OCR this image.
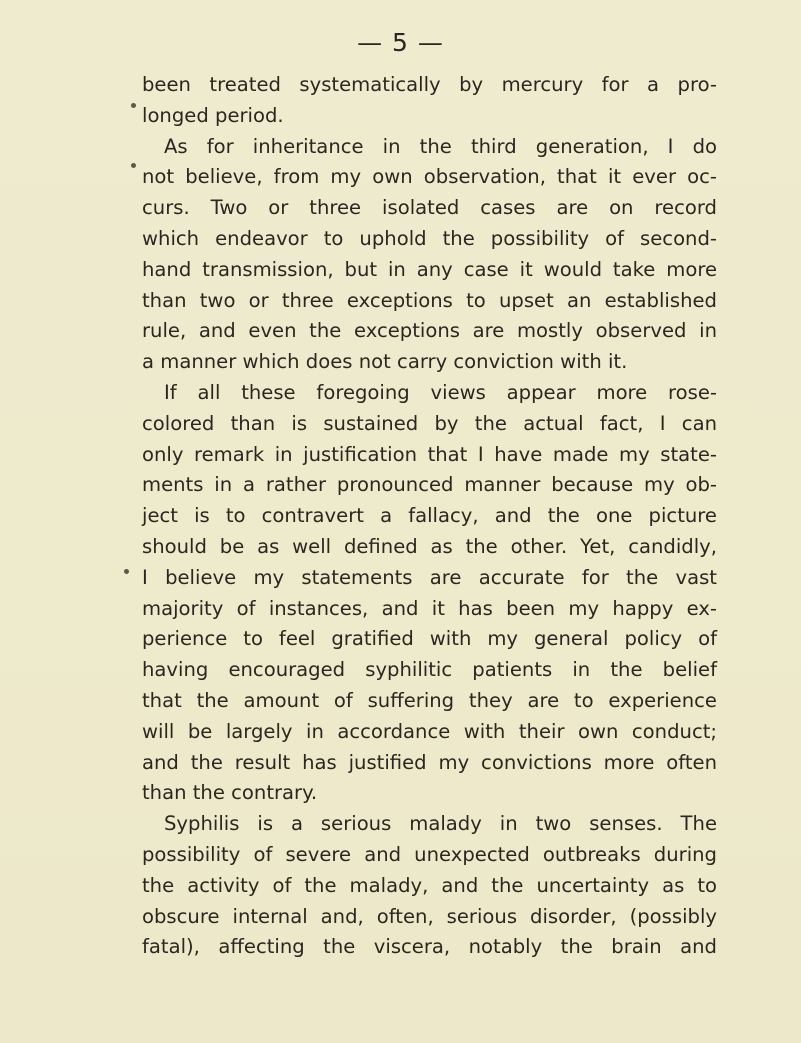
— 5 —
been treated systematically by mercury for a pro-
longed period.
As for inheritance in the third generation, I do
not believe, from my own observation, that it ever oc-
curs. Two or three isolated cases are on record
which endeavor to uphold the possibility of second-
hand transmission, but in any case it would take more
than two or three exceptions to upset an established
rule, and even the exceptions are mostly observed in
a manner which does not carry conviction with it.
If all these foregoing views appear more rose-
colored than is sustained by the actual fact, I can
only remark in justification that I have made my state-
ments in a rather pronounced manner because my ob-
ject is to contravert a fallacy, and the one picture
should be as well defined as the other. Yet, candidly,
I believe my statements are accurate for the vast
majority of instances, and it has been my happy ex-
perience to feel gratified with my general policy of
having encouraged syphilitic patients in the belief
that the amount of suffering they are to experience
will be largely in accordance with their own conduct;
and the result has justified my convictions more often
than the contrary.
Syphilis is a serious malady in two senses. The
possibility of severe and unexpected outbreaks during
the activity of the malady, and the uncertainty as to
obscure internal and, often, serious disorder, (possibly
fatal), affecting the viscera, notably the brain and
